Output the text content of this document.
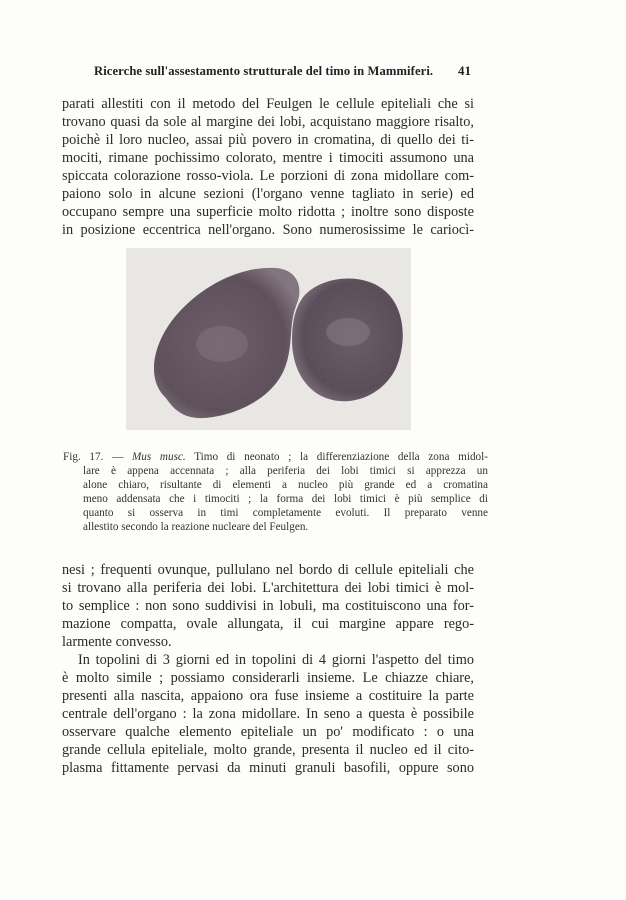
Ricerche sull'assestamento strutturale del timo in Mammiferi.	41
parati allestiti con il metodo del Feulgen le cellule epiteliali che si
trovano quasi da sole al margine dei lobi, acquistano maggiore risalto,
poichè il loro nucleo, assai più povero in cromatina, di quello dei ti-
mociti, rimane pochissimo colorato, mentre i timociti assumono una
spiccata colorazione rosso-viola. Le porzioni di zona midollare com-
paiono solo in alcune sezioni (l'organo venne tagliato in serie) ed
occupano sempre una superficie molto ridotta ; inoltre sono disposte
in posizione eccentrica nell'organo. Sono numerosissime le cariocì-
Fig. 17. — Mus musc. Timo di neonato ; la differenziazione della zona midol-
lare è appena accennata ; alla periferia dei lobi timici si apprezza un
alone chiaro, risultante di elementi a nucleo più grande ed a cromatina
meno addensata che i timociti ; la forma dei lobi timici è più semplice di
quanto si osserva in timi completamente evoluti. Il preparato venne
allestito secondo la reazione nucleare del Feulgen.
nesi ; frequenti ovunque, pullulano nel bordo di cellule epiteliali che
si trovano alla periferia dei lobi. L'architettura dei lobi timici è mol-
to semplice : non sono suddivisi in lobuli, ma costituiscono una for-
mazione compatta, ovale allungata, il cui margine appare rego-
larmente convesso.
In topolini di 3 giorni ed in topolini di 4 giorni l'aspetto del timo
è molto simile ; possiamo considerarli insieme. Le chiazze chiare,
presenti alla nascita, appaiono ora fuse insieme a costituire la parte
centrale dell'organo : la zona midollare. In seno a questa è possibile
osservare qualche elemento epiteliale un po' modificato : o una
grande cellula epiteliale, molto grande, presenta il nucleo ed il cito-
plasma fittamente pervasi da minuti granuli basofili, oppure sono
